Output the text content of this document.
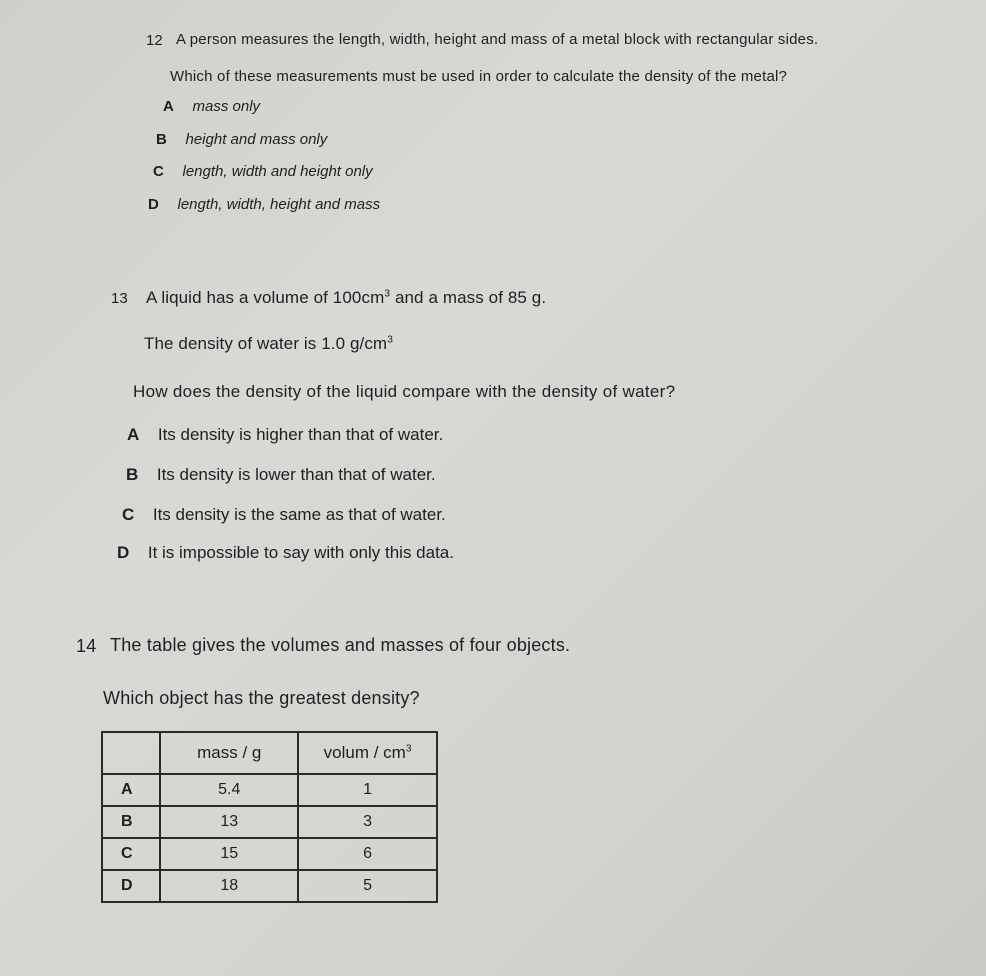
12 A person measures the length, width, height and mass of a metal block with rectangular sides.
Which of these measurements must be used in order to calculate the density of the metal?
A mass only
B height and mass only
C length, width and height only
D length, width, height and mass
13 A liquid has a volume of $100cm^3$ and a mass of 85 g.
The density of water is 1.0 $g/cm^3$
How does the density of the liquid compare with the density of water?
A Its density is higher than that of water.
B Its density is lower than that of water.
C Its density is the same as that of water.
D It is impossible to say with only this data.
14 The table gives the volumes and masses of four objects.
Which object has the greatest density?
	mass / g	volum / $cm^3$
A	5.4	1
B	13	3
C	15	6
D	18	5
